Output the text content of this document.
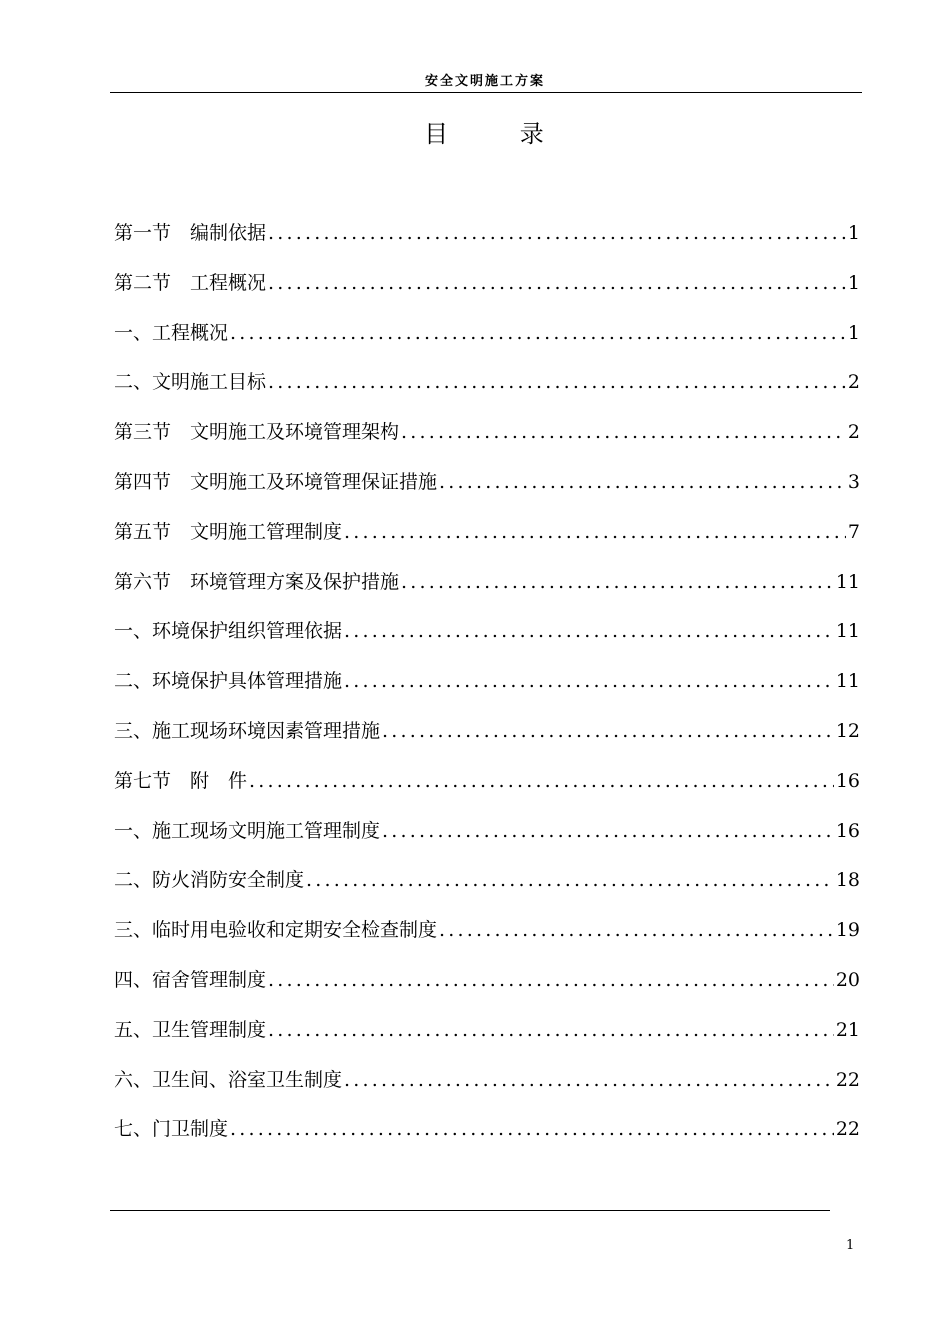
安全文明施工方案
目 录
第一节　编制依据 .....	1
第二节　工程概况 .....	1
一、工程概况 .....	1
二、文明施工目标 .....	2
第三节　文明施工及环境管理架构 .....	2
第四节　文明施工及环境管理保证措施 .....	3
第五节　文明施工管理制度 .....	7
第六节　环境管理方案及保护措施 .....	11
一、环境保护组织管理依据 .....	11
二、环境保护具体管理措施 .....	11
三、施工现场环境因素管理措施 .....	12
第七节　附　件 .....	16
一、施工现场文明施工管理制度 .....	16
二、防火消防安全制度 .....	18
三、临时用电验收和定期安全检查制度 .....	19
四、宿舍管理制度 .....	20
五、卫生管理制度 .....	21
六、卫生间、浴室卫生制度 .....	22
七、门卫制度 .....	22
1
